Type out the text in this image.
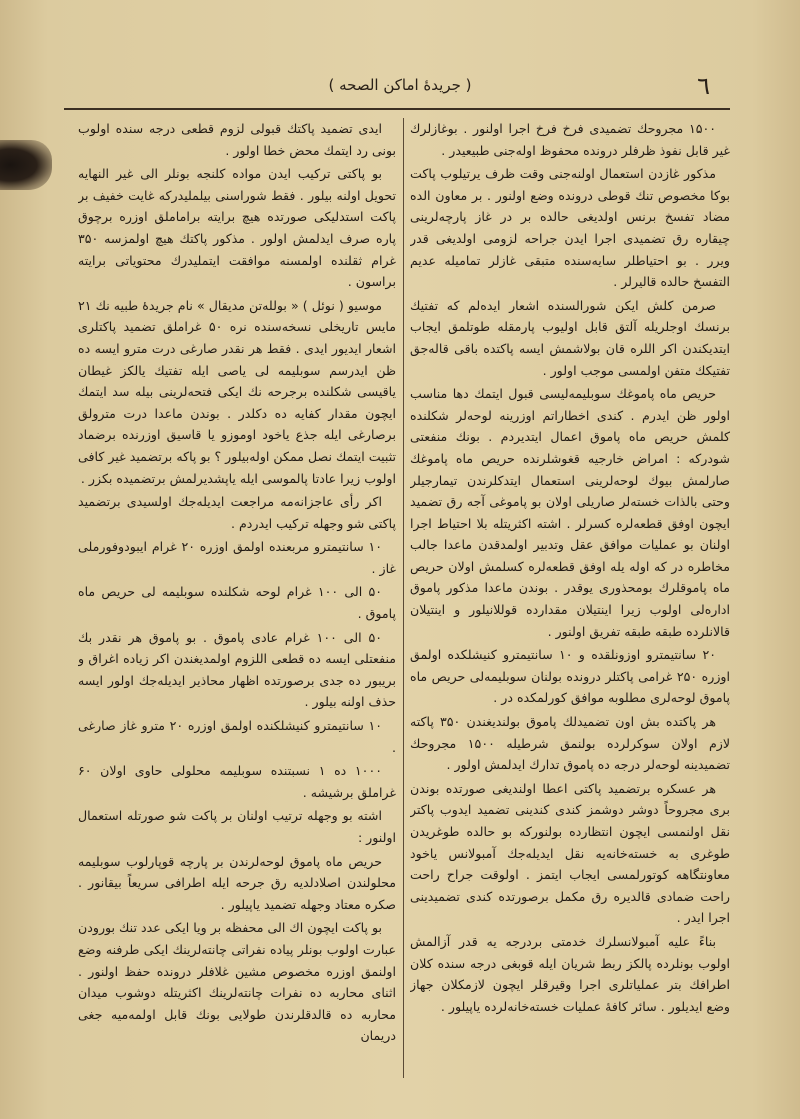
٦
( جریدهٔ اماکن الصحه )

۱۵۰۰ مجروحك تضمیدی فرخ فرخ اجرا اولنور . بوغازلرك غیر قابل نفوذ ظرفلر درونده محفوظ اولەجنی طبیعیدر .

مذکور غازدن استعمال اولنەجنی وقت ظرف یرتیلوب پاکت بوکا مخصوص تنك قوطی درونده وضع اولنور . بر معاون الده مضاد تفسخ برنس اولدیغی حالده بر در غاز پارچەلرینی چیقاره رق تضمیدی اجرا ایدن جراحه لزومی اولدیغی قدر ویرر . بو احتیاطلر سایەسنده متبقی غازلر تمامیله عدیم التفسخ حالده قالیرلر .

صرمن كلش ایکن شورالسنده اشعار ایدەلم که تفتیك برنسك اوجلریله آلتق قابل اولیوب پارمقله طوتلمق ایجاب ایتدیکندن اکر اللره قان بولاشمش ایسه پاکتده باقی قالەجق تفتیکك متفن اولمسی موجب اولور .

حریص ماه پاموغك سوبلیمەلیسی قبول ایتمك دها مناسب اولور ظن ایدرم . کندی اخطاراتم اوزرینه لوحەلر شکلنده کلمش حریص ماه پاموق اعمال ایتدیردم . بونك منفعتی شودرکه : امراض خارجیه قغوشلرنده حریص ماه پاموغك صارلمش بیوك لوحەلرینی استعمال ایتدکلرندن تیمارجیلر وحتی بالذات خستەلر صاریلی اولان بو پاموغی آجه رق تضمید ایچون اوفق قطعەلره کسرلر . اشته اکثریتله بلا احتیاط اجرا اولنان بو عملیات موافق عقل وتدبیر اولمدقدن ماعدا جالب مخاطره در که اوله یله اوفق قطعەلره کسلمش اولان حریص ماه پاموقلرك بومحذوری یوقدر . بوندن ماعدا مذکور پاموق ادارەلی اولوب زیرا اینتیلان مقدارده قوللانیلور و اینتیلان قالانلرده طبقه طبقه تفریق اولنور .

۲۰ سانتیمترو اوزونلقده و ۱۰ سانتیمترو کنیشلکده اولمق اوزره ۲۵۰ غرامی پاکتلر درونده بولنان سوبلیمەلی حریص ماه پاموق لوحەلری مطلوبه موافق کورلمکده در .

هر پاکتده بش اون تضمیدلك پاموق بولندیغندن ۳۵۰ پاکته لازم اولان سوکرلرده بولنمق شرطیله ۱۵۰۰ مجروحك تضمیدینه لوحەلر درجه ده پاموق تدارك ایدلمش اولور .

هر عسکره برتضمید پاکتی اعطا اولندیغی صورتده بوندن بری مجروحاً دوشر دوشمز کندی کندینی تضمید ایدوب پاکتر نقل اولنمسی ایچون انتظارده بولنورکه بو حالده طوغریدن طوغری به خستەخانەیه نقل ایدیلەجك آمبولانس یاخود معاونتگاهه کوتورلمسی ایجاب ایتمز . اولوقت جراح راحت راحت ضمادی قالدیره رق مکمل برصورتده کندی تضمیدینی اجرا ایدر .

بناءً علیه آمبولانسلرك خدمتی بردرجه یه قدر آزالمش اولوب بونلرده پالکز ربط شریان ایله قوبغی درجه سنده کلان اطرافك بتر عملیاتلری اجرا وقیرقلر ایچون لازمکلان جهاز وضع ایدیلور . سائر کافهٔ عملیات خستەخانەلرده یاپیلور .

ایدی تضمید پاکتك قبولی لزوم قطعی درجه سنده اولوب بونی رد ایتمك محض خطا اولور .

بو پاکتی ترکیب ایدن مواده کلنجه بونلر الی غیر النهایه تحویل اولنه بیلور . فقط شوراسنی بیلملیدرکه غایت خفیف بر پاکت استدلیکی صورتده هیچ برایته براماملق اوزره برچوق پاره صرف ایدلمش اولور . مذکور پاکتك هیچ اولمزسه ۳۵۰ غرام ثقلنده اولمسنه موافقت ایتملیدرك محتویاتی برایته براسون .

موسیو ( نوئل ) « بوللەتن مدیقال » نام جریدهٔ طبیه نك ۲۱ مایس تاریخلی نسخەسنده نره ۵۰ غراملق تضمید پاکتلری اشعار ایدیور ایدی . فقط هر نقدر صارغی درت مترو ایسه ده ظن ایدرسم سوبلیمه لی یاصی ایله تفتیك یالکز غیطان یاقیسی شکلنده برجرحه نك ایکی فتحەلرینی بیله سد ایتمك ایچون مقدار کفایه ده دکلدر . بوندن ماعدا درت مترولق برصارغی ایله جذع یاخود اوموزو یا قاسیق اوزرنده برضماد تثبیت ایتمك نصل ممکن اولەبیلور ؟ بو پاکه برتضمید غیر کافی اولوب زیرا عادتا پالموسی ایله یاپشدیرلمش برتضمیده بکزر .

اکر رأی عاجزانەمه مراجعت ایدیلەجك اولسیدی برتضمید پاکتی شو وجهله ترکیب ایدردم .

۱۰ سانتیمترو مربعنده اولمق اوزره ۲۰ غرام ایبودوفورملی غاز .

۵۰ الی ۱۰۰ غرام لوحه شکلنده سوبلیمه لی حریص ماه پاموق .

۵۰ الی ۱۰۰ غرام عادی پاموق . بو پاموق هر نقدر بك منفعتلی ایسه ده قطعی اللزوم اولمدیغندن اکر زیاده اغراق و بریبور ده جدی برصورتده اظهار محاذیر ایدیلەجك اولور ایسه حذف اولنه بیلور .

۱۰ سانتیمترو کنیشلکنده اولمق اوزره ۲۰ مترو غاز صارغی .

۱۰۰۰ ده ۱ نسبتنده سوبلیمه محلولی حاوی اولان ۶۰ غراملق برشیشه .

اشته بو وجهله ترتیب اولنان بر پاکت شو صورتله استعمال اولنور :

حریص ماه پاموق لوحەلرندن بر پارچه قوپارلوب سوبلیمه محلولندن اصلادلدیه رق جرحه ایله اطرافی سریعاً بیقانور . صکره معتاد وجهله تضمید یاپیلور .

بو پاکت ایچون اك الی محفظه بر ویا ایکی عدد تنك بورودن عبارت اولوب بونلر پیاده نفراتی چانتەلرینك ایکی طرفنه وضع اولنمق اوزره مخصوص مشین غلافلر درونده حفظ اولنور . اثنای محاربه ده نفرات چانتەلرینك اکثریتله دوشوب میدان محاربه ده قالدقلرندن طولایی بونك قابل اولمەمیه جغی دریمان
